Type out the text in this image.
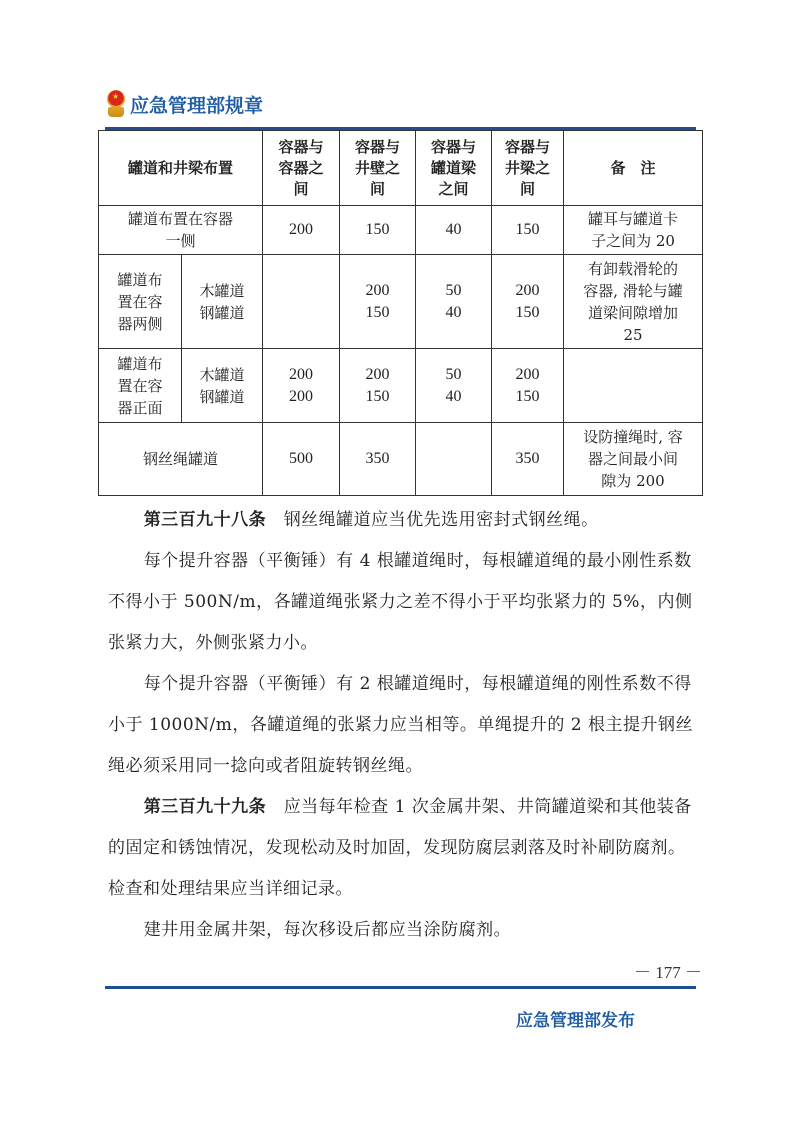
★ 应急管理部规章
罐道和井梁布置		容器与
容器之
间	容器与
井壁之
间	容器与
罐道梁
之间	容器与
井梁之
间	备　注
罐道布置在容器
一侧		200	150	40	150	罐耳与罐道卡
子之间为 20
罐道布
置在容
器两侧	木罐道
钢罐道		200
150	50
40	200
150	有卸载滑轮的
容器, 滑轮与罐
道梁间隙增加
25
罐道布
置在容
器正面	木罐道
钢罐道	200
200	200
150	50
40	200
150	
钢丝绳罐道		500	350		350	设防撞绳时, 容
器之间最小间
隙为 200
第三百九十八条　 钢丝绳罐道应当优先选用密封式钢丝绳。
每个提升容器（平衡锤）有 4 根罐道绳时，每根罐道绳的最小刚性系数不得小于 500N/m，各罐道绳张紧力之差不得小于平均张紧力的 5%，内侧张紧力大，外侧张紧力小。
每个提升容器（平衡锤）有 2 根罐道绳时，每根罐道绳的刚性系数不得小于 1000N/m，各罐道绳的张紧力应当相等。单绳提升的 2 根主提升钢丝绳必须采用同一捻向或者阻旋转钢丝绳。
第三百九十九条　 应当每年检查 1 次金属井架、井筒罐道梁和其他装备的固定和锈蚀情况，发现松动及时加固，发现防腐层剥落及时补刷防腐剂。检查和处理结果应当详细记录。
建井用金属井架，每次移设后都应当涂防腐剂。
－ 177 －
应急管理部发布
